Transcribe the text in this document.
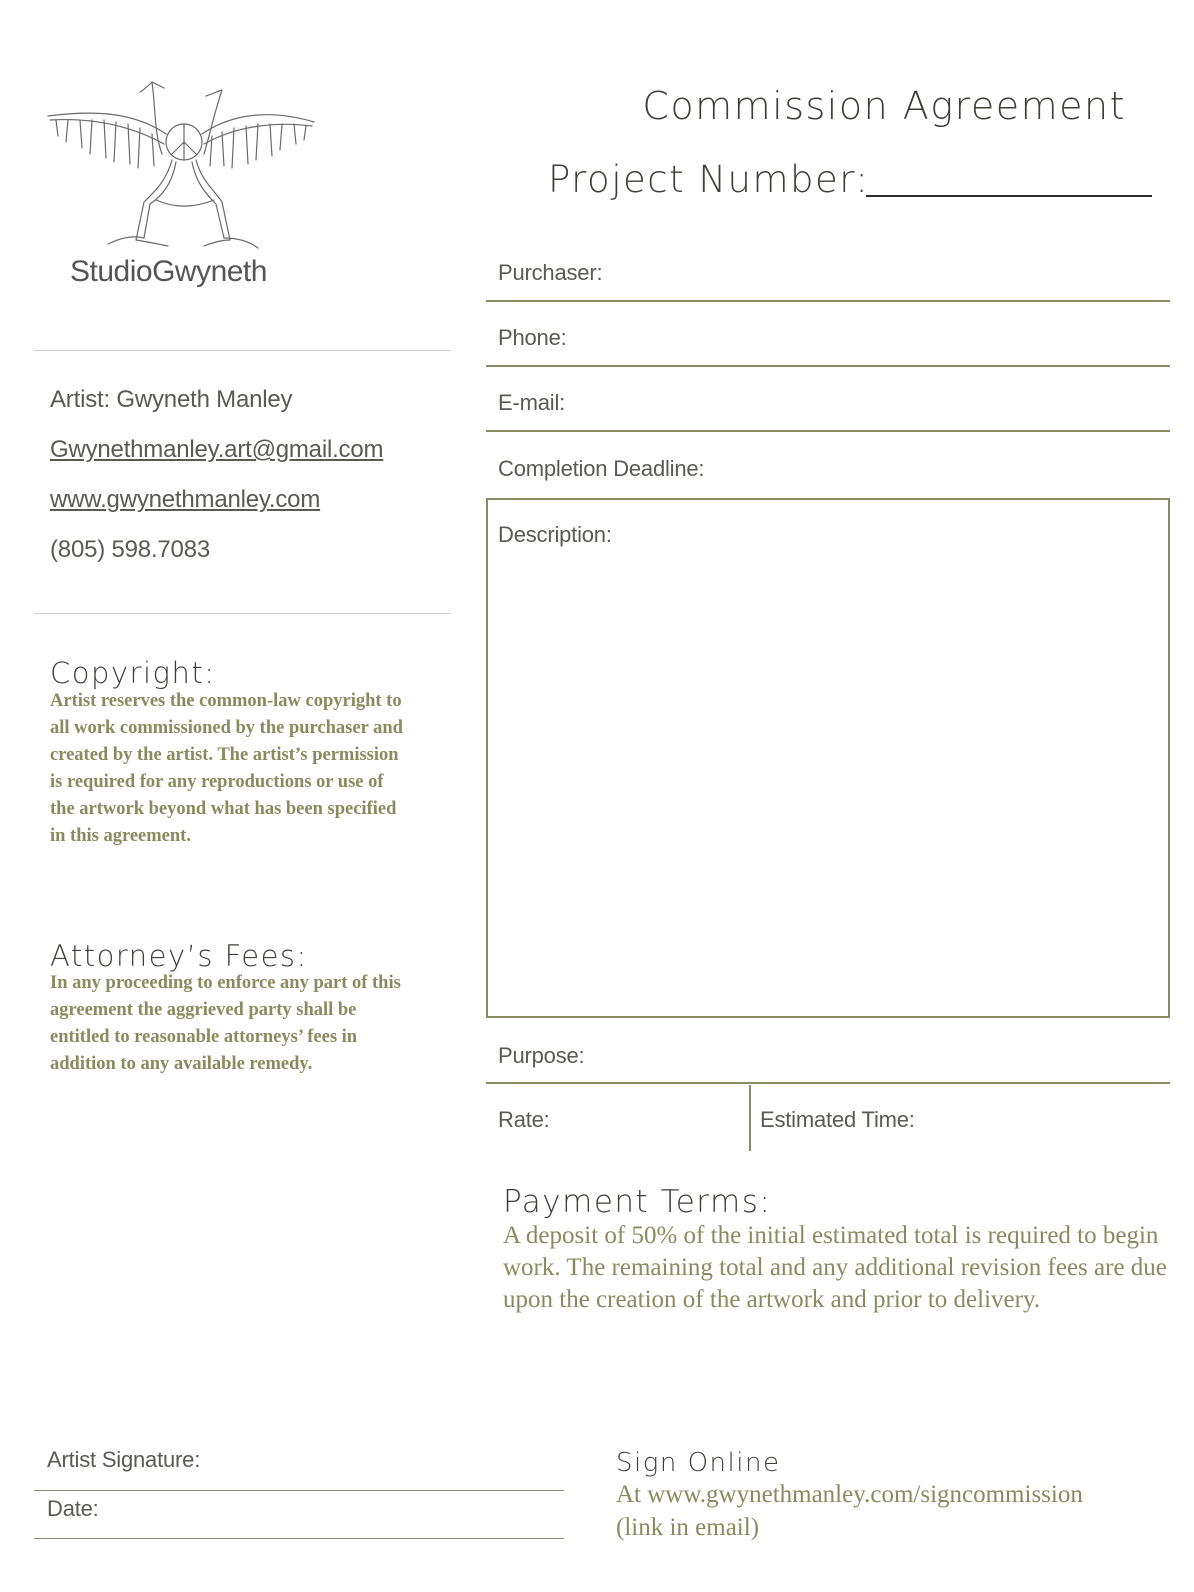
StudioGwyneth
Commission Agreement
Project Number:
Artist: Gwyneth Manley
Gwynethmanley.art@gmail.com
www.gwynethmanley.com
(805) 598.7083
Copyright:
Artist reserves the common-law copyright to all work commissioned by the purchaser and created by the artist. The artist’s permission is required for any reproductions or use of the artwork beyond what has been specified in this agreement.
Attorney’s Fees:
In any proceeding to enforce any part of this agreement the aggrieved party shall be entitled to reasonable attorneys’ fees in addition to any available remedy.
Purchaser:
Phone:
E-mail:
Completion Deadline:
Description:
Purpose:
Rate:	Estimated Time:
Payment Terms:
A deposit of 50% of the initial estimated total is required to begin work. The remaining total and any additional revision fees are due upon the creation of the artwork and prior to delivery.
Artist Signature:
Date:
Sign Online
At www.gwynethmanley.com/signcommission (link in email)
